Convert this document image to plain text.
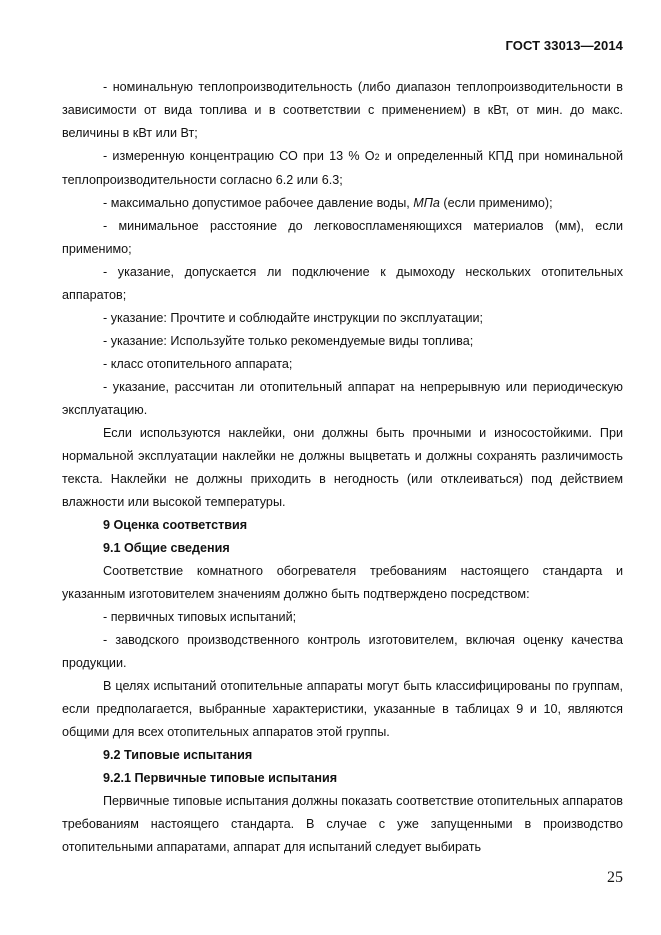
ГОСТ 33013—2014

- номинальную теплопроизводительность (либо диапазон теплопроизводительности в зависимости от вида топлива и в соответствии с применением) в кВт, от мин. до макс. величины в кВт или Вт;

- измеренную концентрацию СО при 13 % O2 и определенный КПД при номинальной теплопроизводительности согласно 6.2 или 6.3;

- максимально допустимое рабочее давление воды, МПа (если применимо);

- минимальное расстояние до легковоспламеняющихся материалов (мм), если применимо;

- указание, допускается ли подключение к дымоходу нескольких отопительных аппаратов;

- указание: Прочтите и соблюдайте инструкции по эксплуатации;

- указание: Используйте только рекомендуемые виды топлива;

- класс отопительного аппарата;

- указание, рассчитан ли отопительный аппарат на непрерывную или периодическую эксплуатацию.

Если используются наклейки, они должны быть прочными и износостойкими. При нормальной эксплуатации наклейки не должны выцветать и должны сохранять различимость текста. Наклейки не должны приходить в негодность (или отклеиваться) под действием влажности или высокой температуры.

9 Оценка соответствия

9.1 Общие сведения

Соответствие комнатного обогревателя требованиям настоящего стандарта и указанным изготовителем значениям должно быть подтверждено посредством:

- первичных типовых испытаний;

- заводского производственного контроль изготовителем, включая оценку качества продукции.

В целях испытаний отопительные аппараты могут быть классифицированы по группам, если предполагается, выбранные характеристики, указанные в таблицах 9 и 10, являются общими для всех отопительных аппаратов этой группы.

9.2 Типовые испытания

9.2.1 Первичные типовые испытания

Первичные типовые испытания должны показать соответствие отопительных аппаратов требованиям настоящего стандарта. В случае с уже запущенными в производство отопительными аппаратами, аппарат для испытаний следует выбирать

25
